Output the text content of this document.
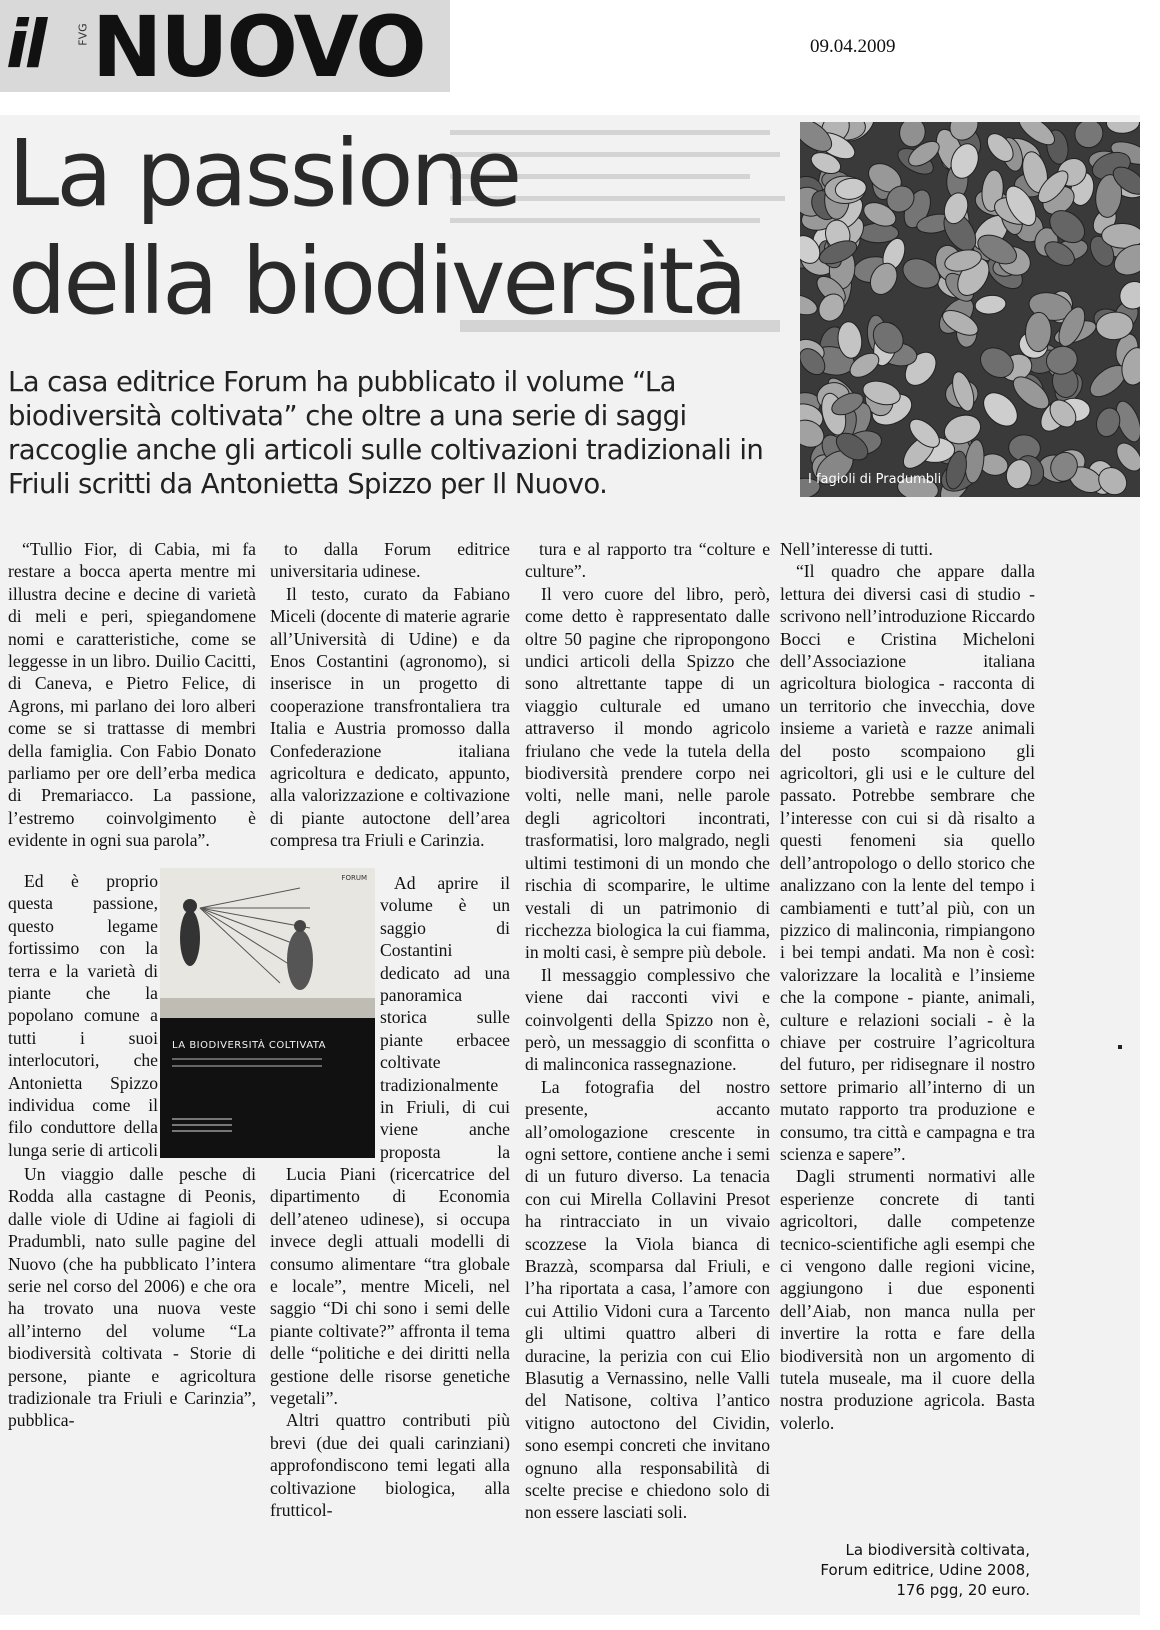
il	FVG NUOVO	09.04.2009
La passione
della biodiversità
La casa editrice Forum ha pubblicato il volume “La biodiversità coltivata” che oltre a una serie di saggi raccoglie anche gli articoli sulle coltivazioni tradizionali in Friuli scritti da Antonietta Spizzo per Il Nuovo.	I fagioli di Pradumbli

“Tullio Fior, di Cabia, mi fa restare a bocca aperta mentre mi illustra decine e decine di varietà di meli e peri, spiegandomene nomi e caratteristiche, come se leggesse in un libro. Duilio Cacitti, di Caneva, e Pietro Felice, di Agrons, mi parlano dei loro alberi come se si trattasse di membri della famiglia. Con Fabio Donato parliamo per ore dell’erba medica di Premariacco. La passione, l’estremo coinvolgimento è evidente in ogni sua parola”.

Ed è proprio questa passione, questo legame fortissimo con la terra e la varietà di piante che la popolano comune a tutti i suoi interlocutori, che Antonietta Spizzo individua come il filo conduttore della lunga serie di articoli

to dalla Forum editrice universitaria udinese.

Il testo, curato da Fabiano Miceli (docente di materie agrarie all’Università di Udine) e da Enos Costantini (agronomo), si inserisce in un progetto di cooperazione transfrontaliera tra Italia e Austria promosso dalla Confederazione italiana agricoltura e dedicato, appunto, alla valorizzazione e coltivazione di piante autoctone dell’area compresa tra Friuli e Carinzia.

Ad aprire il volume è un saggio di Costantini dedicato ad una panoramica storica sulle piante erbacee coltivate tradizionalmente in Friuli, di cui viene anche proposta la

Lucia Piani (ricercatrice del dipartimento di Economia dell’ateneo udinese), si occupa invece degli attuali modelli di consumo alimentare “tra globale e locale”, mentre Miceli, nel saggio “Di chi sono i semi delle piante coltivate?” affronta il tema delle “politiche e dei diritti nella gestione delle risorse genetiche vegetali”.

Altri quattro contributi più brevi (due dei quali carinziani) approfondiscono temi legati alla coltivazione biologica, alla frutticol-

tura e al rapporto tra “colture e culture”.

Il vero cuore del libro, però, come detto è rappresentato dalle oltre 50 pagine che ripropongono undici articoli della Spizzo che sono altrettante tappe di un viaggio culturale ed umano attraverso il mondo agricolo friulano che vede la tutela della biodiversità prendere corpo nei volti, nelle mani, nelle parole degli agricoltori incontrati, trasformatisi, loro malgrado, negli ultimi testimoni di un mondo che rischia di scomparire, le ultime vestali di un patrimonio di ricchezza biologica la cui fiamma, in molti casi, è sempre più debole.

Il messaggio complessivo che viene dai racconti vivi e coinvolgenti della Spizzo non è, però, un messaggio di sconfitta o di malinconica rassegnazione.

La fotografia del nostro presente, accanto all’omologazione crescente in ogni settore, contiene anche i semi di un futuro diverso. La tenacia con cui Mirella Collavini Presot ha rintracciato in un vivaio scozzese la Viola bianca di Brazzà, scomparsa dal Friuli, e l’ha riportata a casa, l’amore con cui Attilio Vidoni cura a Tarcento gli ultimi quattro alberi di duracine, la perizia con cui Elio Blasutig a Vernassino, nelle Valli del Natisone, coltiva l’antico vitigno autoctono del Cividin, sono esempi concreti che invitano ognuno alla responsabilità di scelte precise e chiedono solo di non essere lasciati soli.

Nell’interesse di tutti.

“Il quadro che appare dalla lettura dei diversi casi di studio - scrivono nell’introduzione Riccardo Bocci e Cristina Micheloni dell’Associazione italiana agricoltura biologica - racconta di un territorio che invecchia, dove insieme a varietà e razze animali del posto scompaiono gli agricoltori, gli usi e le culture del passato. Potrebbe sembrare che l’interesse con cui si dà risalto a questi fenomeni sia quello dell’antropologo o dello storico che analizzano con la lente del tempo i cambiamenti e tutt’al più, con un pizzico di malinconia, rimpiangono i bei tempi andati. Ma non è così: valorizzare la località e l’insieme che la compone - piante, animali, culture e relazioni sociali - è la chiave per costruire l’agricoltura del futuro, per ridisegnare il nostro settore primario all’interno di un mutato rapporto tra produzione e consumo, tra città e campagna e tra scienza e sapere”.

Dagli strumenti normativi alle esperienze concrete di tanti agricoltori, dalle competenze tecnico-scientifiche agli esempi che ci vengono dalle regioni vicine, aggiungono i due esponenti dell’Aiab, non manca nulla per invertire la rotta e fare della biodiversità non un argomento di tutela museale, ma il cuore della nostra produzione agricola. Basta volerlo.

FORUM
LA BIODIVERSITÀ COLTIVATA
La biodiversità coltivata,
Forum editrice, Udine 2008,
176 pgg, 20 euro.

Un viaggio dalle pesche di Rodda alla castagne di Peonis, dalle viole di Udine ai fagioli di Pradumbli, nato sulle pagine del Nuovo (che ha pubblicato l’intera serie nel corso del 2006) e che ora ha trovato una nuova veste all’interno del volume “La biodiversità coltivata - Storie di persone, piante e agricoltura tradizionale tra Friuli e Carinzia”, pubblica-
